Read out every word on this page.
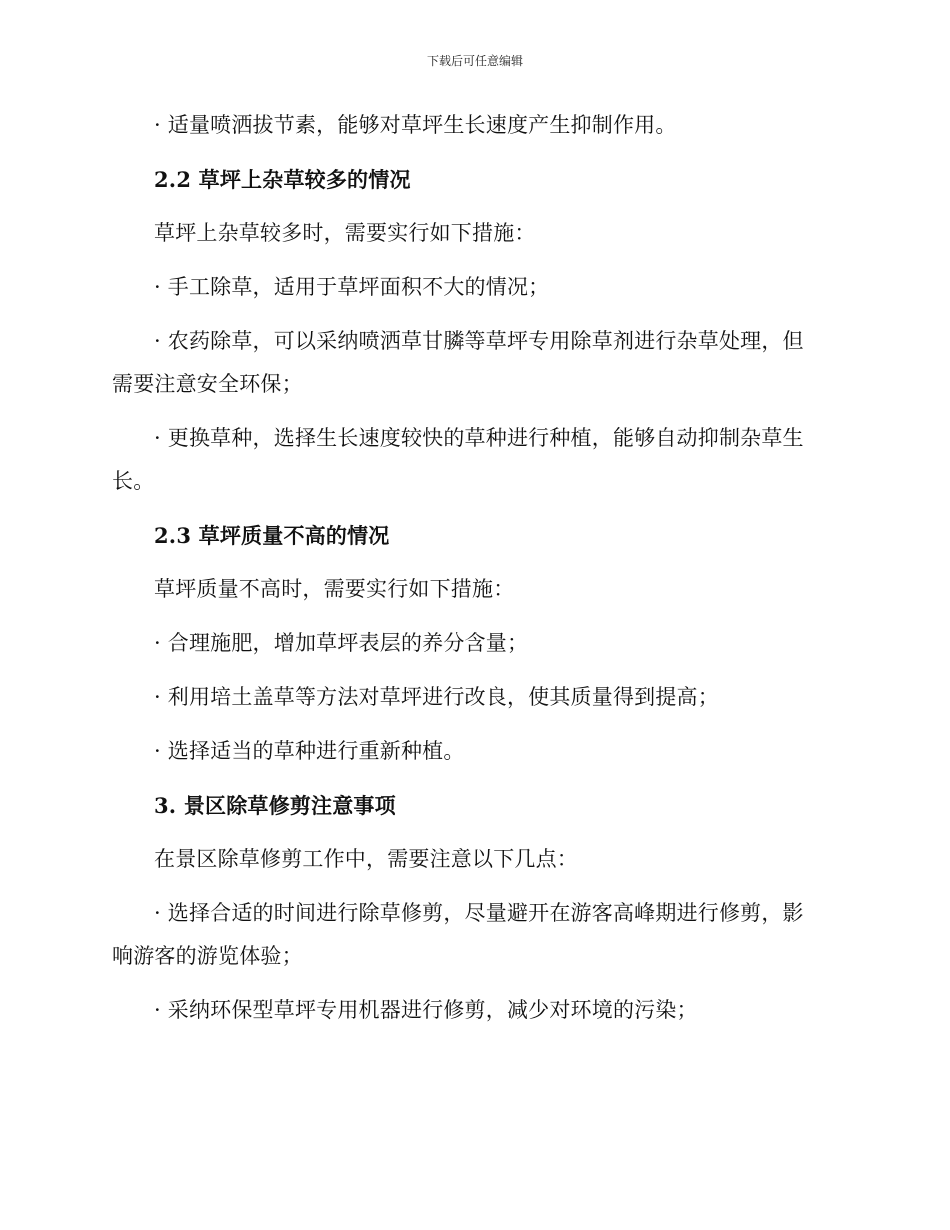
下载后可任意编辑

· 适量喷洒拔节素，能够对草坪生长速度产生抑制作用。

2.2 草坪上杂草较多的情况

草坪上杂草较多时，需要实行如下措施：

· 手工除草，适用于草坪面积不大的情况；

· 农药除草，可以采纳喷洒草甘膦等草坪专用除草剂进行杂草处理，但需要注意安全环保；

· 更换草种，选择生长速度较快的草种进行种植，能够自动抑制杂草生长。

2.3 草坪质量不高的情况

草坪质量不高时，需要实行如下措施：

· 合理施肥，增加草坪表层的养分含量；

· 利用培土盖草等方法对草坪进行改良，使其质量得到提高；

· 选择适当的草种进行重新种植。

3. 景区除草修剪注意事项

在景区除草修剪工作中，需要注意以下几点：

· 选择合适的时间进行除草修剪，尽量避开在游客高峰期进行修剪，影响游客的游览体验；

· 采纳环保型草坪专用机器进行修剪，减少对环境的污染；
